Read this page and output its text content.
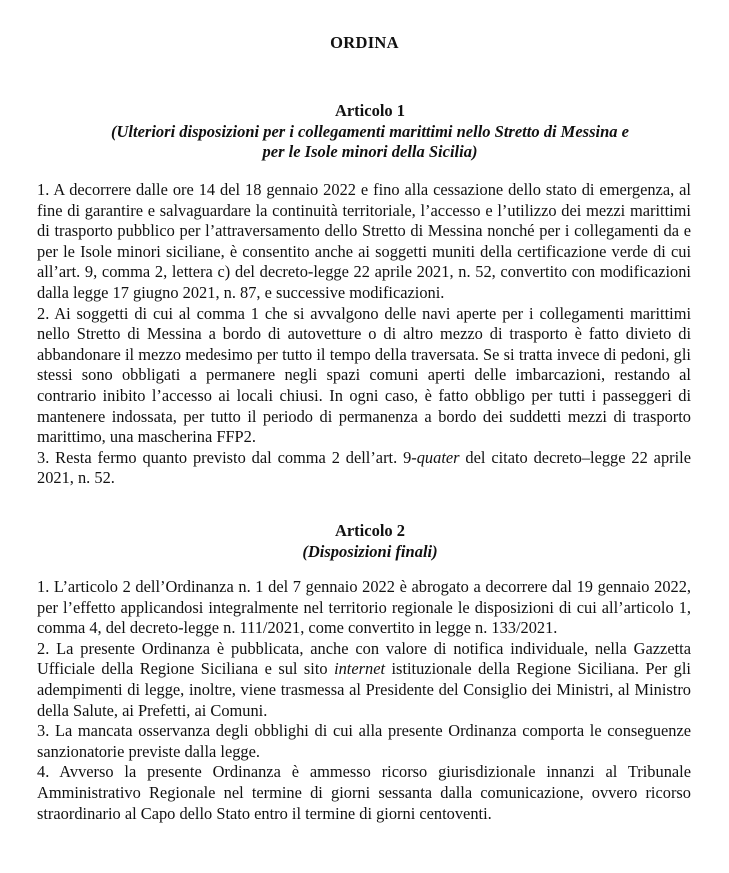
ORDINA
Articolo 1
(Ulteriori disposizioni per i collegamenti marittimi nello Stretto di Messina e
per le Isole minori della Sicilia)

1. A decorrere dalle ore 14 del 18 gennaio 2022 e fino alla cessazione dello stato di emergenza, al fine di garantire e salvaguardare la continuità territoriale, l’accesso e l’utilizzo dei mezzi marittimi di trasporto pubblico per l’attraversamento dello Stretto di Messina nonché per i collegamenti da e per le Isole minori siciliane, è consentito anche ai soggetti muniti della certificazione verde di cui all’art. 9, comma 2, lettera c) del decreto-legge 22 aprile 2021, n. 52, convertito con modificazioni dalla legge 17 giugno 2021, n. 87, e successive modificazioni.

2. Ai soggetti di cui al comma 1 che si avvalgono delle navi aperte per i collegamenti marittimi nello Stretto di Messina a bordo di autovetture o di altro mezzo di trasporto è fatto divieto di abbandonare il mezzo medesimo per tutto il tempo della traversata. Se si tratta invece di pedoni, gli stessi sono obbligati a permanere negli spazi comuni aperti delle imbarcazioni, restando al contrario inibito l’accesso ai locali chiusi. In ogni caso, è fatto obbligo per tutti i passeggeri di mantenere indossata, per tutto il periodo di permanenza a bordo dei suddetti mezzi di trasporto marittimo, una mascherina FFP2.

3. Resta fermo quanto previsto dal comma 2 dell’art. 9-quater del citato decreto–legge 22 aprile 2021, n. 52.

Articolo 2
(Disposizioni finali)

1. L’articolo 2 dell’Ordinanza n. 1 del 7 gennaio 2022 è abrogato a decorrere dal 19 gennaio 2022, per l’effetto applicandosi integralmente nel territorio regionale le disposizioni di cui all’articolo 1, comma 4, del decreto-legge n. 111/2021, come convertito in legge n. 133/2021.

2. La presente Ordinanza è pubblicata, anche con valore di notifica individuale, nella Gazzetta Ufficiale della Regione Siciliana e sul sito internet istituzionale della Regione Siciliana. Per gli adempimenti di legge, inoltre, viene trasmessa al Presidente del Consiglio dei Ministri, al Ministro della Salute, ai Prefetti, ai Comuni.

3. La mancata osservanza degli obblighi di cui alla presente Ordinanza comporta le conseguenze sanzionatorie previste dalla legge.

4. Avverso la presente Ordinanza è ammesso ricorso giurisdizionale innanzi al Tribunale Amministrativo Regionale nel termine di giorni sessanta dalla comunicazione, ovvero ricorso straordinario al Capo dello Stato entro il termine di giorni centoventi.
